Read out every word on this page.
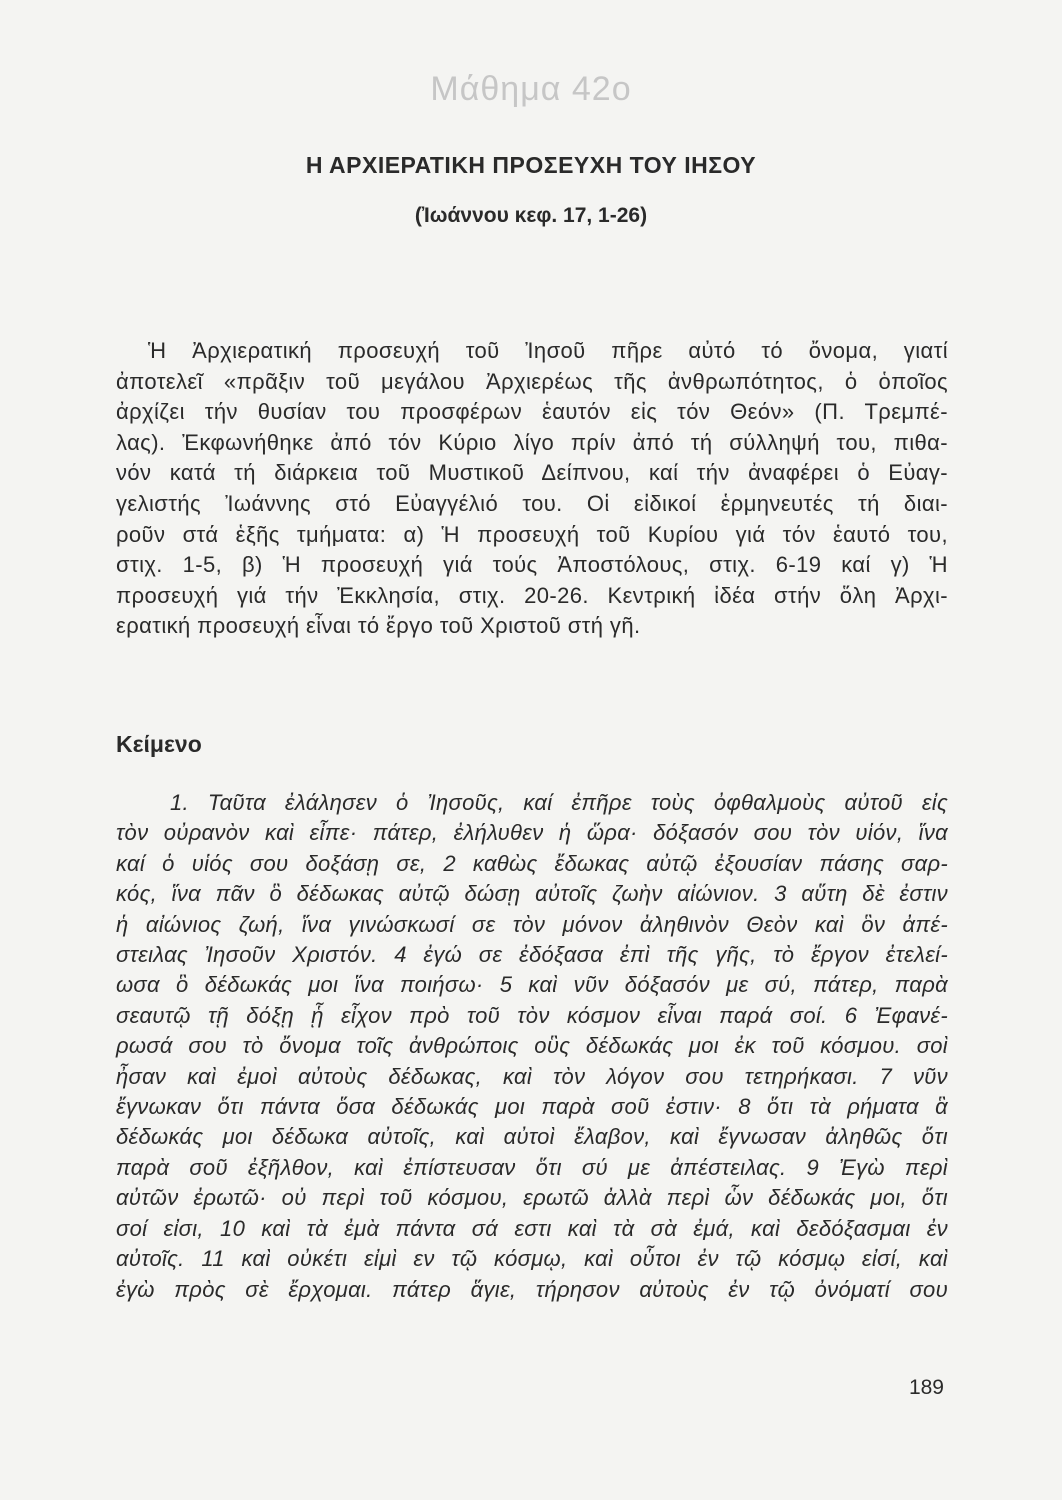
Μάθημα 42ο
Η ΑΡΧΙΕΡΑΤΙΚΗ ΠΡΟΣΕΥΧΗ ΤΟΥ ΙΗΣΟΥ
(Ἰωάννου κεφ. 17, 1-26)

Ἡ Ἀρχιερατική προσευχή τοῦ Ἰησοῦ πῆρε αὐτό τό ὄνομα, γιατί
ἀποτελεῖ «πρᾶξιν τοῦ μεγάλου Ἀρχιερέως τῆς ἀνθρωπότητος, ὁ ὁποῖος
ἀρχίζει τήν θυσίαν του προσφέρων ἑαυτόν εἰς τόν Θεόν» (Π. Τρεμπέ-
λας). Ἐκφωνήθηκε ἀπό τόν Κύριο λίγο πρίν ἀπό τή σύλληψή του, πιθα-
νόν κατά τή διάρκεια τοῦ Μυστικοῦ Δείπνου, καί τήν ἀναφέρει ὁ Εὐαγ-
γελιστής Ἰωάννης στό Εὐαγγέλιό του. Οἱ εἰδικοί ἑρμηνευτές τή διαι-
ροῦν στά ἑξῆς τμήματα: α) Ἡ προσευχή τοῦ Κυρίου γιά τόν ἑαυτό του,
στιχ. 1-5, β) Ἡ προσευχή γιά τούς Ἀποστόλους, στιχ. 6-19 καί γ) Ἡ
προσευχή γιά τήν Ἐκκλησία, στιχ. 20-26. Κεντρική ἰδέα στήν ὅλη Ἀρχι-
ερατική προσευχή εἶναι τό ἔργο τοῦ Χριστοῦ στή γῆ.

Κείμενο

1. Ταῦτα ἐλάλησεν ὁ Ἰησοῦς, καί ἐπῆρε τοὺς ὀφθαλμοὺς αὐτοῦ εἰς
τὸν οὐρανὸν καὶ εἶπε· πάτερ, ἐλήλυθεν ἡ ὥρα· δόξασόν σου τὸν υἱόν, ἵνα
καί ὁ υἱός σου δοξάσῃ σε, 2 καθὼς ἔδωκας αὐτῷ ἐξουσίαν πάσης σαρ-
κός, ἵνα πᾶν ὃ δέδωκας αὐτῷ δώσῃ αὐτοῖς ζωὴν αἰώνιον. 3 αὕτη δὲ ἐστιν
ἡ αἰώνιος ζωή, ἵνα γινώσκωσί σε τὸν μόνον ἀληθινὸν Θεὸν καὶ ὃν ἀπέ-
στειλας Ἰησοῦν Χριστόν. 4 ἐγώ σε ἐδόξασα ἐπὶ τῆς γῆς, τὸ ἔργον ἐτελεί-
ωσα ὃ δέδωκάς μοι ἵνα ποιήσω· 5 καὶ νῦν δόξασόν με σύ, πάτερ, παρὰ
σεαυτῷ τῇ δόξῃ ᾗ εἶχον πρὸ τοῦ τὸν κόσμον εἶναι παρά σοί. 6 Ἐφανέ-
ρωσά σου τὸ ὄνομα τοῖς ἀνθρώποις οὓς δέδωκάς μοι ἐκ τοῦ κόσμου. σοὶ
ἦσαν καὶ ἐμοὶ αὐτοὺς δέδωκας, καὶ τὸν λόγον σου τετηρήκασι. 7 νῦν
ἔγνωκαν ὅτι πάντα ὅσα δέδωκάς μοι παρὰ σοῦ ἐστιν· 8 ὅτι τὰ ρήματα ἃ
δέδωκάς μοι δέδωκα αὐτοῖς, καὶ αὐτοὶ ἔλαβον, καὶ ἔγνωσαν ἀληθῶς ὅτι
παρὰ σοῦ ἐξῆλθον, καὶ ἐπίστευσαν ὅτι σύ με ἀπέστειλας. 9 Ἐγὼ περὶ
αὐτῶν ἐρωτῶ· οὐ περὶ τοῦ κόσμου, ερωτῶ ἀλλὰ περὶ ὧν δέδωκάς μοι, ὅτι
σοί εἰσι, 10 καὶ τὰ ἐμὰ πάντα σά εστι καὶ τὰ σὰ ἐμά, καὶ δεδόξασμαι ἐν
αὐτοῖς. 11 καὶ οὐκέτι εἰμὶ εν τῷ κόσμῳ, καὶ οὗτοι ἐν τῷ κόσμῳ εἰσί, καὶ
ἐγὼ πρὸς σὲ ἔρχομαι. πάτερ ἅγιε, τήρησον αὐτοὺς ἐν τῷ ὀνόματί σου

189
